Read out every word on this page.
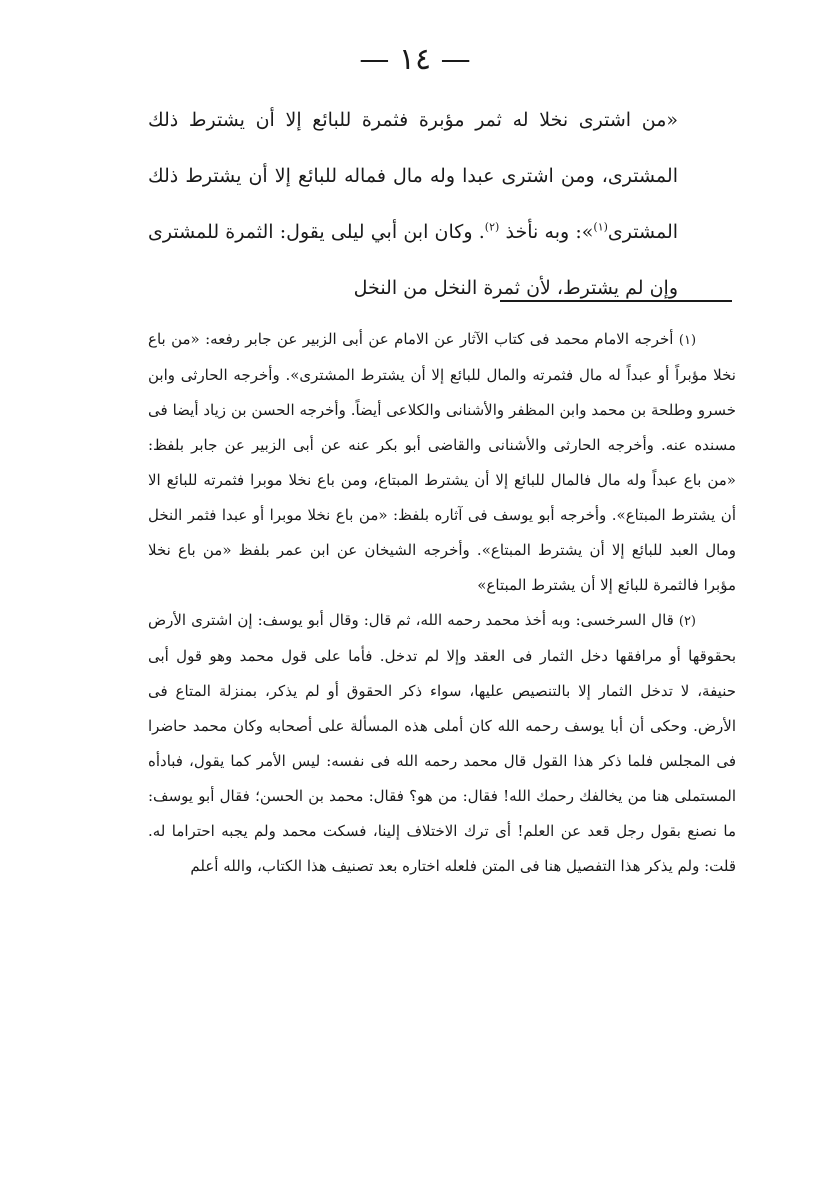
— ١٤ —

«من اشترى نخلا له ثمر مؤبرة فثمرة للبائع إلا أن يشترط ذلك المشترى، ومن اشترى عبدا وله مال فماله للبائع إلا أن يشترط ذلك المشترى$^{(١)}$»: وبه نأخذ $^{(٢)}$. وكان ابن أبي ليلى يقول: الثمرة للمشترى وإن لم يشترط، لأن ثمرة النخل من النخل

(١) أخرجه الامام محمد فى كتاب الآثار عن الامام عن أبى الزبير عن جابر رفعه: «من باع نخلا مؤبراً أو عبداً له مال فثمرته والمال للبائع إلا أن يشترط المشترى». وأخرجه الحارثى وابن خسرو وطلحة بن محمد وابن المظفر والأشنانى والكلاعى أيضاً. وأخرجه الحسن بن زياد أيضا فى مسنده عنه. وأخرجه الحارثى والأشنانى والقاضى أبو بكر عنه عن أبى الزبير عن جابر بلفظ: «من باع عبداً وله مال فالمال للبائع إلا أن يشترط المبتاع، ومن باع نخلا موبرا فثمرته للبائع الا أن يشترط المبتاع». وأخرجه أبو يوسف فى آثاره بلفظ: «من باع نخلا موبرا أو عبدا فثمر النخل ومال العبد للبائع إلا أن يشترط المبتاع». وأخرجه الشيخان عن ابن عمر بلفظ «من باع نخلا مؤبرا فالثمرة للبائع إلا أن يشترط المبتاع»

(٢) قال السرخسى: وبه أخذ محمد رحمه الله، ثم قال: وقال أبو يوسف: إن اشترى الأرض بحقوقها أو مرافقها دخل الثمار فى العقد وإلا لم تدخل. فأما على قول محمد وهو قول أبى حنيفة، لا تدخل الثمار إلا بالتنصيص عليها، سواء ذكر الحقوق أو لم يذكر، بمنزلة المتاع فى الأرض. وحكى أن أبا يوسف رحمه الله كان أملى هذه المسألة على أصحابه وكان محمد حاضرا فى المجلس فلما ذكر هذا القول قال محمد رحمه الله فى نفسه: ليس الأمر كما يقول، فبادأه المستملى هنا من يخالفك رحمك الله! فقال: من هو؟ فقال: محمد بن الحسن؛ فقال أبو يوسف: ما نصنع بقول رجل قعد عن العلم! أى ترك الاختلاف إلينا، فسكت محمد ولم يجبه احتراما له. قلت: ولم يذكر هذا التفصيل هنا فى المتن فلعله اختاره بعد تصنيف هذا الكتاب، والله أعلم
